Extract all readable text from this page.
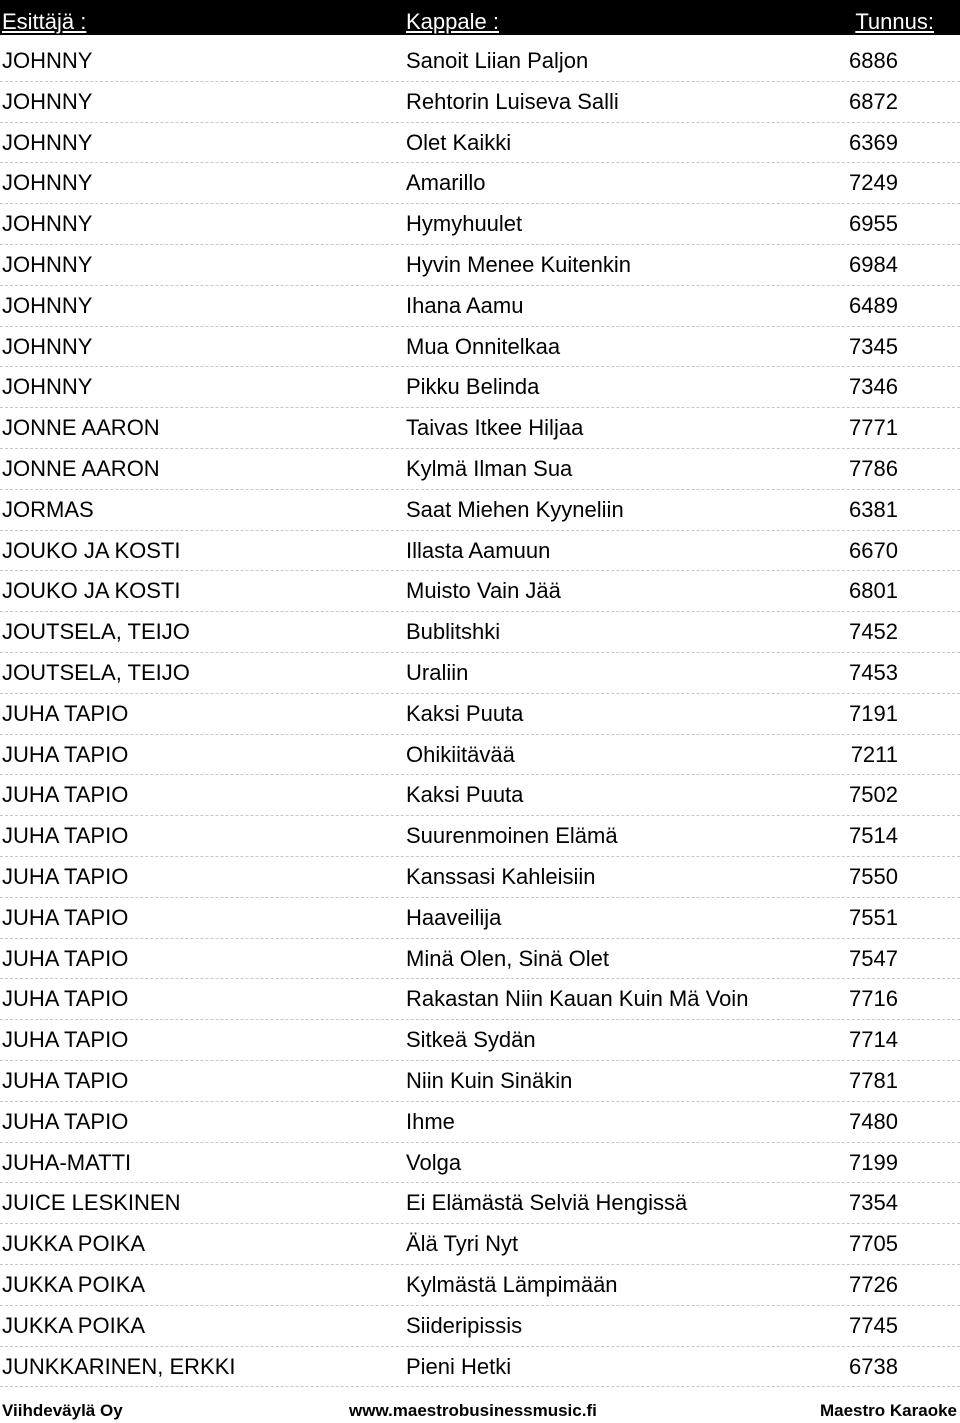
Esittäjä :	Kappale :	Tunnus:
JOHNNY	Sanoit Liian Paljon	6886
JOHNNY	Rehtorin Luiseva Salli	6872
JOHNNY	Olet Kaikki	6369
JOHNNY	Amarillo	7249
JOHNNY	Hymyhuulet	6955
JOHNNY	Hyvin Menee Kuitenkin	6984
JOHNNY	Ihana Aamu	6489
JOHNNY	Mua Onnitelkaa	7345
JOHNNY	Pikku Belinda	7346
JONNE AARON	Taivas Itkee Hiljaa	7771
JONNE AARON	Kylmä Ilman Sua	7786
JORMAS	Saat Miehen Kyyneliin	6381
JOUKO JA KOSTI	Illasta Aamuun	6670
JOUKO JA KOSTI	Muisto Vain Jää	6801
JOUTSELA, TEIJO	Bublitshki	7452
JOUTSELA, TEIJO	Uraliin	7453
JUHA TAPIO	Kaksi Puuta	7191
JUHA TAPIO	Ohikiitävää	7211
JUHA TAPIO	Kaksi Puuta	7502
JUHA TAPIO	Suurenmoinen Elämä	7514
JUHA TAPIO	Kanssasi Kahleisiin	7550
JUHA TAPIO	Haaveilija	7551
JUHA TAPIO	Minä Olen, Sinä Olet	7547
JUHA TAPIO	Rakastan Niin Kauan Kuin Mä Voin	7716
JUHA TAPIO	Sitkeä Sydän	7714
JUHA TAPIO	Niin Kuin Sinäkin	7781
JUHA TAPIO	Ihme	7480
JUHA-MATTI	Volga	7199
JUICE LESKINEN	Ei Elämästä Selviä Hengissä	7354
JUKKA POIKA	Älä Tyri Nyt	7705
JUKKA POIKA	Kylmästä Lämpimään	7726
JUKKA POIKA	Siideripissis	7745
JUNKKARINEN, ERKKI	Pieni Hetki	6738
Viihdeväylä Oy	www.maestrobusinessmusic.fi	Maestro Karaoke
